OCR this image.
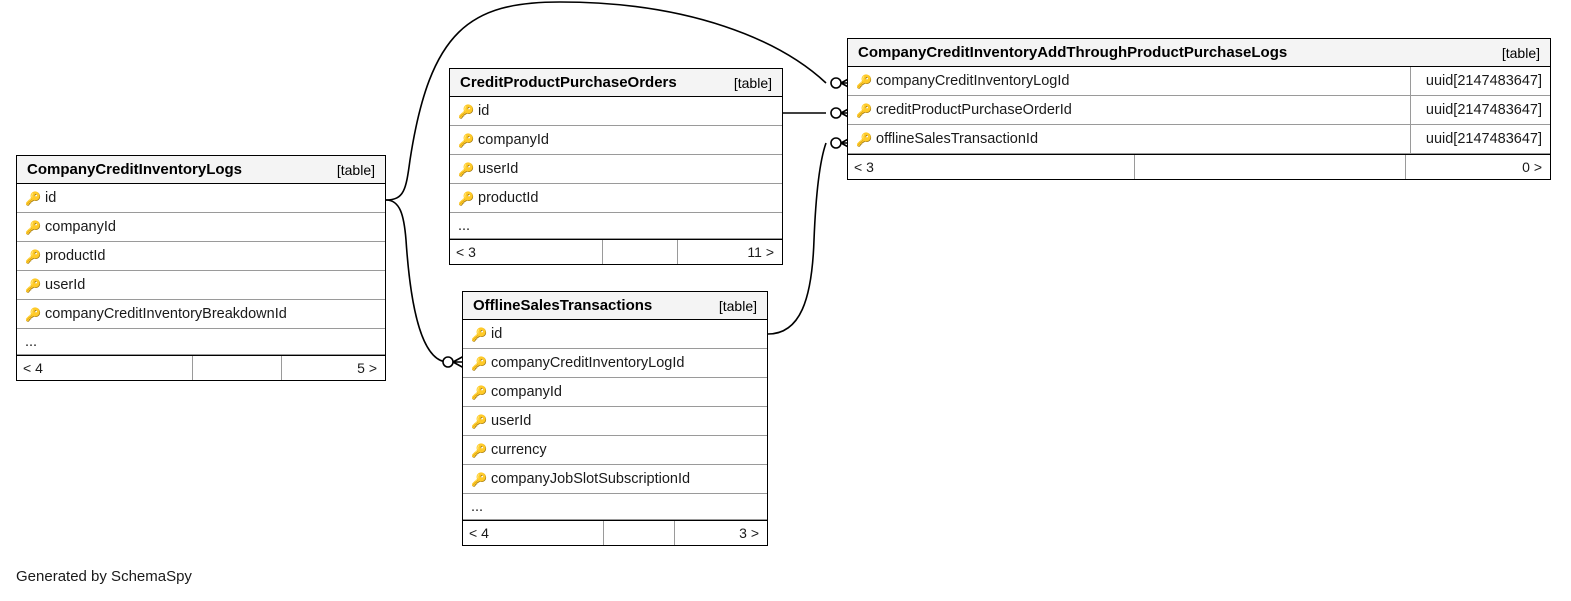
CompanyCreditInventoryLogs	[table]
🔑 id
🔑 companyId
🔑 productId
🔑 userId
🔑 companyCreditInventoryBreakdownId
...
< 4	5 >
CreditProductPurchaseOrders	[table]
🔑 id
🔑 companyId
🔑 userId
🔑 productId
...
< 3	11 >
OfflineSalesTransactions	[table]
🔑 id
🔑 companyCreditInventoryLogId
🔑 companyId
🔑 userId
🔑 currency
🔑 companyJobSlotSubscriptionId
...
< 4	3 >
CompanyCreditInventoryAddThroughProductPurchaseLogs	[table]
🔑 companyCreditInventoryLogId	uuid[2147483647]
🔑 creditProductPurchaseOrderId	uuid[2147483647]
🔑 offlineSalesTransactionId	uuid[2147483647]
< 3	0 >
Generated by SchemaSpy
